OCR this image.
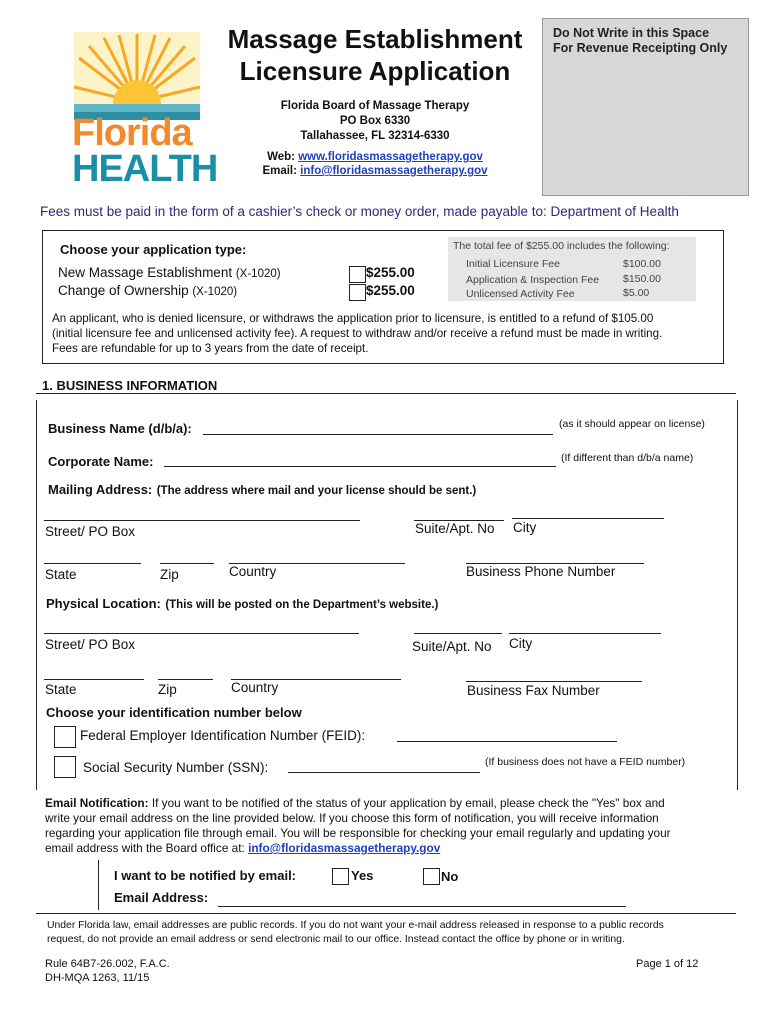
Florida
HEALTH
Massage Establishment
Licensure Application
Florida Board of Massage Therapy
PO Box 6330
Tallahassee, FL 32314-6330
Web: www.floridasmassagetherapy.gov
Email: info@floridasmassagetherapy.gov
Do Not Write in this Space
For Revenue Receipting Only
Fees must be paid in the form of a cashier’s check or money order, made payable to: Department of Health
Choose your application type:
New Massage Establishment (X-1020)	$255.00
Change of Ownership (X-1020)	$255.00
The total fee of $255.00 includes the following:
Initial Licensure Fee	$100.00
Application & Inspection Fee $150.00
Unlicensed Activity Fee	$5.00
An applicant, who is denied licensure, or withdraws the application prior to licensure, is entitled to a refund of $105.00
(initial licensure fee and unlicensed activity fee). A request to withdraw and/or receive a refund must be made in writing.
Fees are refundable for up to 3 years from the date of receipt.
1. BUSINESS INFORMATION
Business Name (d/b/a):	(as it should appear on license)
Corporate Name:	(If different than d/b/a name)
Mailing Address: (The address where mail and your license should be sent.)
Street/ PO Box	Suite/Apt. No City
State	Zip	Country	Business Phone Number
Physical Location: (This will be posted on the Department’s website.)
Street/ PO Box	Suite/Apt. No City
State	Zip	Country	Business Fax Number
Choose your identification number below
Federal Employer Identification Number (FEID):
Social Security Number (SSN):	(If business does not have a FEID number)
Email Notification: If you want to be notified of the status of your application by email, please check the "Yes" box and
write your email address on the line provided below. If you choose this form of notification, you will receive information
regarding your application file through email. You will be responsible for checking your email regularly and updating your
email address with the Board office at: info@floridasmassagetherapy.gov
I want to be notified by email:	Yes	No
Email Address:
Under Florida law, email addresses are public records. If you do not want your e-mail address released in response to a public records
request, do not provide an email address or send electronic mail to our office. Instead contact the office by phone or in writing.
Rule 64B7-26.002, F.A.C.
DH-MQA 1263, 11/15
Page 1 of 12
